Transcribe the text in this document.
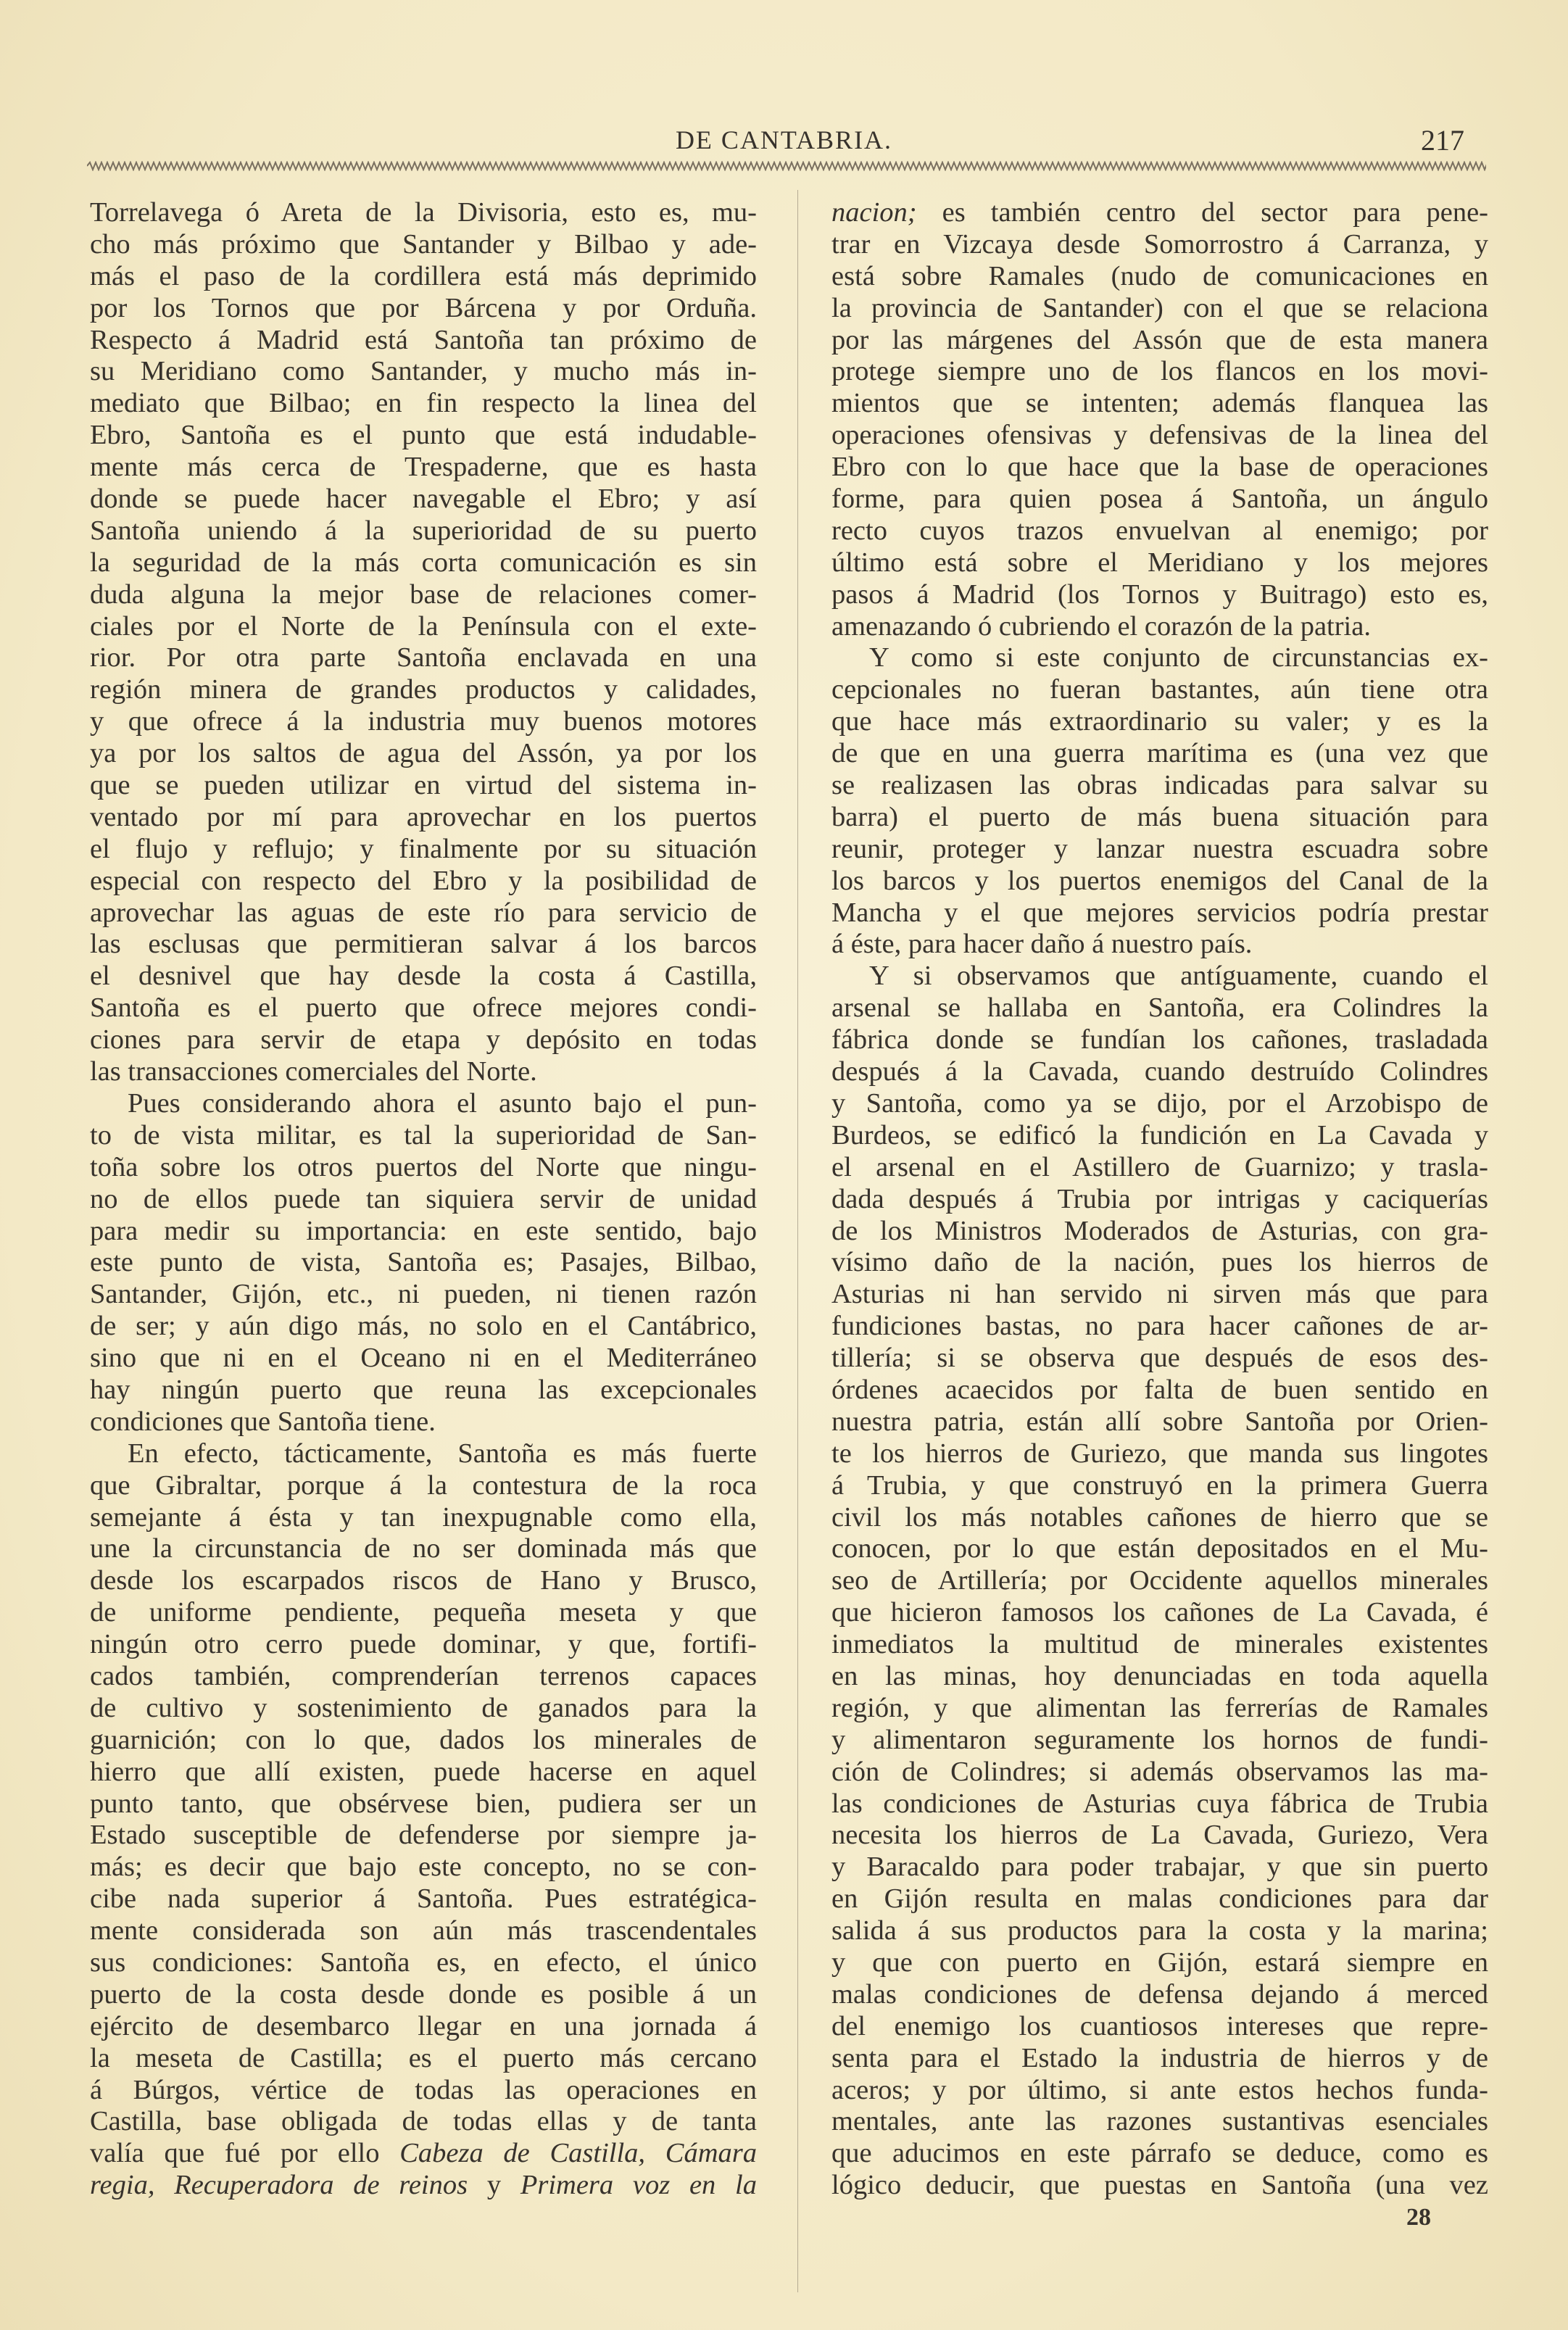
DE CANTABRIA.	217
Torrelavega ó Areta de la Divisoria, esto es, mu-
cho más próximo que Santander y Bilbao y ade-
más el paso de la cordillera está más deprimido
por los Tornos que por Bárcena y por Orduña.
Respecto á Madrid está Santoña tan próximo de
su Meridiano como Santander, y mucho más in-
mediato que Bilbao; en fin respecto la linea del
Ebro, Santoña es el punto que está indudable-
mente más cerca de Trespaderne, que es hasta
donde se puede hacer navegable el Ebro; y así
Santoña uniendo á la superioridad de su puerto
la seguridad de la más corta comunicación es sin
duda alguna la mejor base de relaciones comer-
ciales por el Norte de la Península con el exte-
rior. Por otra parte Santoña enclavada en una
región minera de grandes productos y calidades,
y que ofrece á la industria muy buenos motores
ya por los saltos de agua del Assón, ya por los
que se pueden utilizar en virtud del sistema in-
ventado por mí para aprovechar en los puertos
el flujo y reflujo; y finalmente por su situación
especial con respecto del Ebro y la posibilidad de
aprovechar las aguas de este río para servicio de
las esclusas que permitieran salvar á los barcos
el desnivel que hay desde la costa á Castilla,
Santoña es el puerto que ofrece mejores condi-
ciones para servir de etapa y depósito en todas
las transacciones comerciales del Norte.
Pues considerando ahora el asunto bajo el pun-
to de vista militar, es tal la superioridad de San-
toña sobre los otros puertos del Norte que ningu-
no de ellos puede tan siquiera servir de unidad
para medir su importancia: en este sentido, bajo
este punto de vista, Santoña es; Pasajes, Bilbao,
Santander, Gijón, etc., ni pueden, ni tienen razón
de ser; y aún digo más, no solo en el Cantábrico,
sino que ni en el Oceano ni en el Mediterráneo
hay ningún puerto que reuna las excepcionales
condiciones que Santoña tiene.
En efecto, tácticamente, Santoña es más fuerte
que Gibraltar, porque á la contestura de la roca
semejante á ésta y tan inexpugnable como ella,
une la circunstancia de no ser dominada más que
desde los escarpados riscos de Hano y Brusco,
de uniforme pendiente, pequeña meseta y que
ningún otro cerro puede dominar, y que, fortifi-
cados también, comprenderían terrenos capaces
de cultivo y sostenimiento de ganados para la
guarnición; con lo que, dados los minerales de
hierro que allí existen, puede hacerse en aquel
punto tanto, que obsérvese bien, pudiera ser un
Estado susceptible de defenderse por siempre ja-
más; es decir que bajo este concepto, no se con-
cibe nada superior á Santoña. Pues estratégica-
mente considerada son aún más trascendentales
sus condiciones: Santoña es, en efecto, el único
puerto de la costa desde donde es posible á un
ejército de desembarco llegar en una jornada á
la meseta de Castilla; es el puerto más cercano
á Búrgos, vértice de todas las operaciones en
Castilla, base obligada de todas ellas y de tanta
valía que fué por ello Cabeza de Castilla, Cámara
regia, Recuperadora de reinos y Primera voz en la
nacion; es también centro del sector para pene-
trar en Vizcaya desde Somorrostro á Carranza, y
está sobre Ramales (nudo de comunicaciones en
la provincia de Santander) con el que se relaciona
por las márgenes del Assón que de esta manera
protege siempre uno de los flancos en los movi-
mientos que se intenten; además flanquea las
operaciones ofensivas y defensivas de la linea del
Ebro con lo que hace que la base de operaciones
forme, para quien posea á Santoña, un ángulo
recto cuyos trazos envuelvan al enemigo; por
último está sobre el Meridiano y los mejores
pasos á Madrid (los Tornos y Buitrago) esto es,
amenazando ó cubriendo el corazón de la patria.
Y como si este conjunto de circunstancias ex-
cepcionales no fueran bastantes, aún tiene otra
que hace más extraordinario su valer; y es la
de que en una guerra marítima es (una vez que
se realizasen las obras indicadas para salvar su
barra) el puerto de más buena situación para
reunir, proteger y lanzar nuestra escuadra sobre
los barcos y los puertos enemigos del Canal de la
Mancha y el que mejores servicios podría prestar
á éste, para hacer daño á nuestro país.
Y si observamos que antíguamente, cuando el
arsenal se hallaba en Santoña, era Colindres la
fábrica donde se fundían los cañones, trasladada
después á la Cavada, cuando destruído Colindres
y Santoña, como ya se dijo, por el Arzobispo de
Burdeos, se edificó la fundición en La Cavada y
el arsenal en el Astillero de Guarnizo; y trasla-
dada después á Trubia por intrigas y caciquerías
de los Ministros Moderados de Asturias, con gra-
vísimo daño de la nación, pues los hierros de
Asturias ni han servido ni sirven más que para
fundiciones bastas, no para hacer cañones de ar-
tillería; si se observa que después de esos des-
órdenes acaecidos por falta de buen sentido en
nuestra patria, están allí sobre Santoña por Orien-
te los hierros de Guriezo, que manda sus lingotes
á Trubia, y que construyó en la primera Guerra
civil los más notables cañones de hierro que se
conocen, por lo que están depositados en el Mu-
seo de Artillería; por Occidente aquellos minerales
que hicieron famosos los cañones de La Cavada, é
inmediatos la multitud de minerales existentes
en las minas, hoy denunciadas en toda aquella
región, y que alimentan las ferrerías de Ramales
y alimentaron seguramente los hornos de fundi-
ción de Colindres; si además observamos las ma-
las condiciones de Asturias cuya fábrica de Trubia
necesita los hierros de La Cavada, Guriezo, Vera
y Baracaldo para poder trabajar, y que sin puerto
en Gijón resulta en malas condiciones para dar
salida á sus productos para la costa y la marina;
y que con puerto en Gijón, estará siempre en
malas condiciones de defensa dejando á merced
del enemigo los cuantiosos intereses que repre-
senta para el Estado la industria de hierros y de
aceros; y por último, si ante estos hechos funda-
mentales, ante las razones sustantivas esenciales
que aducimos en este párrafo se deduce, como es
lógico deducir, que puestas en Santoña (una vez
28
